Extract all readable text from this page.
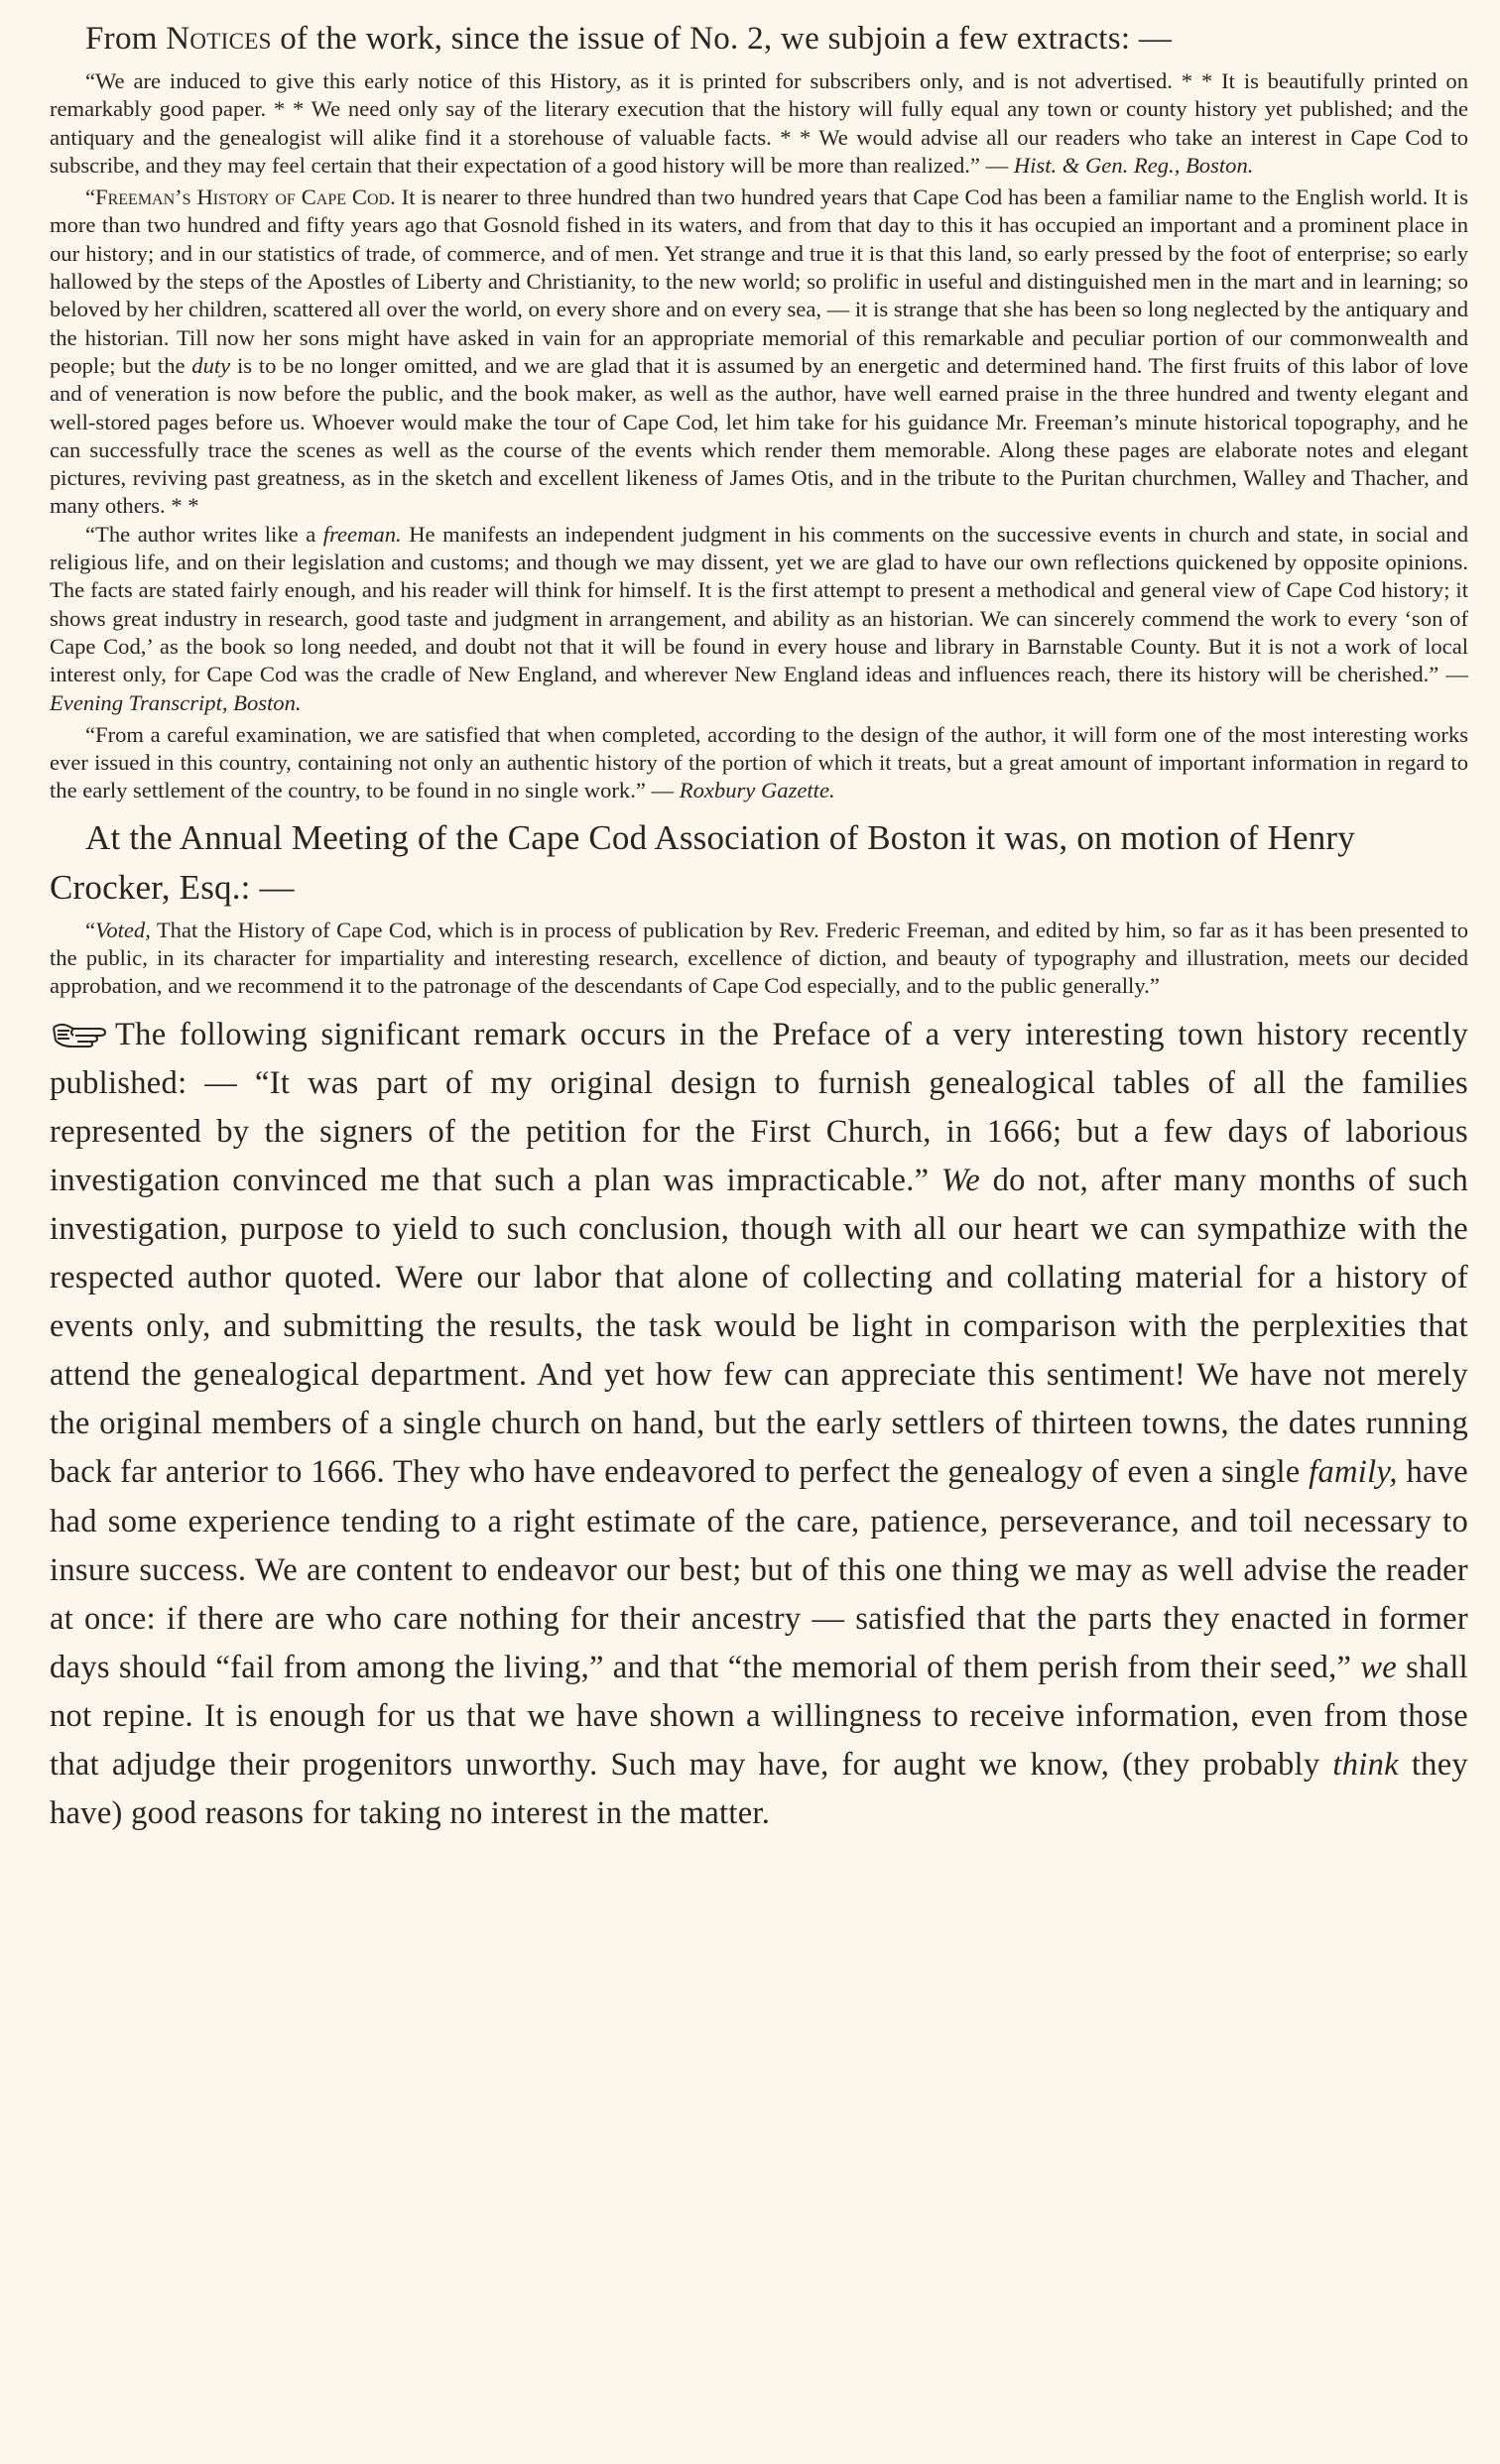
From Notices of the work, since the issue of No. 2, we subjoin a few extracts: —

“We are induced to give this early notice of this History, as it is printed for subscribers only, and is not advertised. * * It is beautifully printed on remarkably good paper. * * We need only say of the literary execution that the history will fully equal any town or county history yet published; and the antiquary and the genealogist will alike find it a storehouse of valuable facts. * * We would advise all our readers who take an interest in Cape Cod to subscribe, and they may feel certain that their expectation of a good history will be more than realized.” — Hist. & Gen. Reg., Boston.

“Freeman’s History of Cape Cod. It is nearer to three hundred than two hundred years that Cape Cod has been a familiar name to the English world. It is more than two hundred and fifty years ago that Gosnold fished in its waters, and from that day to this it has occupied an important and a prominent place in our history; and in our statistics of trade, of commerce, and of men. Yet strange and true it is that this land, so early pressed by the foot of enterprise; so early hallowed by the steps of the Apostles of Liberty and Christianity, to the new world; so prolific in useful and distinguished men in the mart and in learning; so beloved by her children, scattered all over the world, on every shore and on every sea, — it is strange that she has been so long neglected by the antiquary and the historian. Till now her sons might have asked in vain for an appropriate memorial of this remarkable and peculiar portion of our commonwealth and people; but the duty is to be no longer omitted, and we are glad that it is assumed by an energetic and determined hand. The first fruits of this labor of love and of veneration is now before the public, and the book maker, as well as the author, have well earned praise in the three hundred and twenty elegant and well-stored pages before us. Whoever would make the tour of Cape Cod, let him take for his guidance Mr. Freeman’s minute historical topography, and he can successfully trace the scenes as well as the course of the events which render them memorable. Along these pages are elaborate notes and elegant pictures, reviving past greatness, as in the sketch and excellent likeness of James Otis, and in the tribute to the Puritan churchmen, Walley and Thacher, and many others. * *

“The author writes like a freeman. He manifests an independent judgment in his comments on the successive events in church and state, in social and religious life, and on their legislation and customs; and though we may dissent, yet we are glad to have our own reflections quickened by opposite opinions. The facts are stated fairly enough, and his reader will think for himself. It is the first attempt to present a methodical and general view of Cape Cod history; it shows great industry in research, good taste and judgment in arrangement, and ability as an historian. We can sincerely commend the work to every ‘son of Cape Cod,’ as the book so long needed, and doubt not that it will be found in every house and library in Barnstable County. But it is not a work of local interest only, for Cape Cod was the cradle of New England, and wherever New England ideas and influences reach, there its history will be cherished.” — Evening Transcript, Boston.

“From a careful examination, we are satisfied that when completed, according to the design of the author, it will form one of the most interesting works ever issued in this country, containing not only an authentic history of the portion of which it treats, but a great amount of important information in regard to the early settlement of the country, to be found in no single work.” — Roxbury Gazette.

At the Annual Meeting of the Cape Cod Association of Boston it was, on motion of Henry Crocker, Esq.: —

“Voted, That the History of Cape Cod, which is in process of publication by Rev. Frederic Freeman, and edited by him, so far as it has been presented to the public, in its character for impartiality and interesting research, excellence of diction, and beauty of typography and illustration, meets our decided approbation, and we recommend it to the patronage of the descendants of Cape Cod especially, and to the public generally.”

The following significant remark occurs in the Preface of a very interesting town history recently published: — “It was part of my original design to furnish genealogical tables of all the families represented by the signers of the petition for the First Church, in 1666; but a few days of laborious investigation convinced me that such a plan was impracticable.” We do not, after many months of such investigation, purpose to yield to such conclusion, though with all our heart we can sympathize with the respected author quoted. Were our labor that alone of collecting and collating material for a history of events only, and submitting the results, the task would be light in comparison with the perplexities that attend the genealogical department. And yet how few can appreciate this sentiment! We have not merely the original members of a single church on hand, but the early settlers of thirteen towns, the dates running back far anterior to 1666. They who have endeavored to perfect the genealogy of even a single family, have had some experience tending to a right estimate of the care, patience, perseverance, and toil necessary to insure success. We are content to endeavor our best; but of this one thing we may as well advise the reader at once: if there are who care nothing for their ancestry — satisfied that the parts they enacted in former days should “fail from among the living,” and that “the memorial of them perish from their seed,” we shall not repine. It is enough for us that we have shown a willingness to receive information, even from those that adjudge their progenitors unworthy. Such may have, for aught we know, (they probably think they have) good reasons for taking no interest in the matter.
